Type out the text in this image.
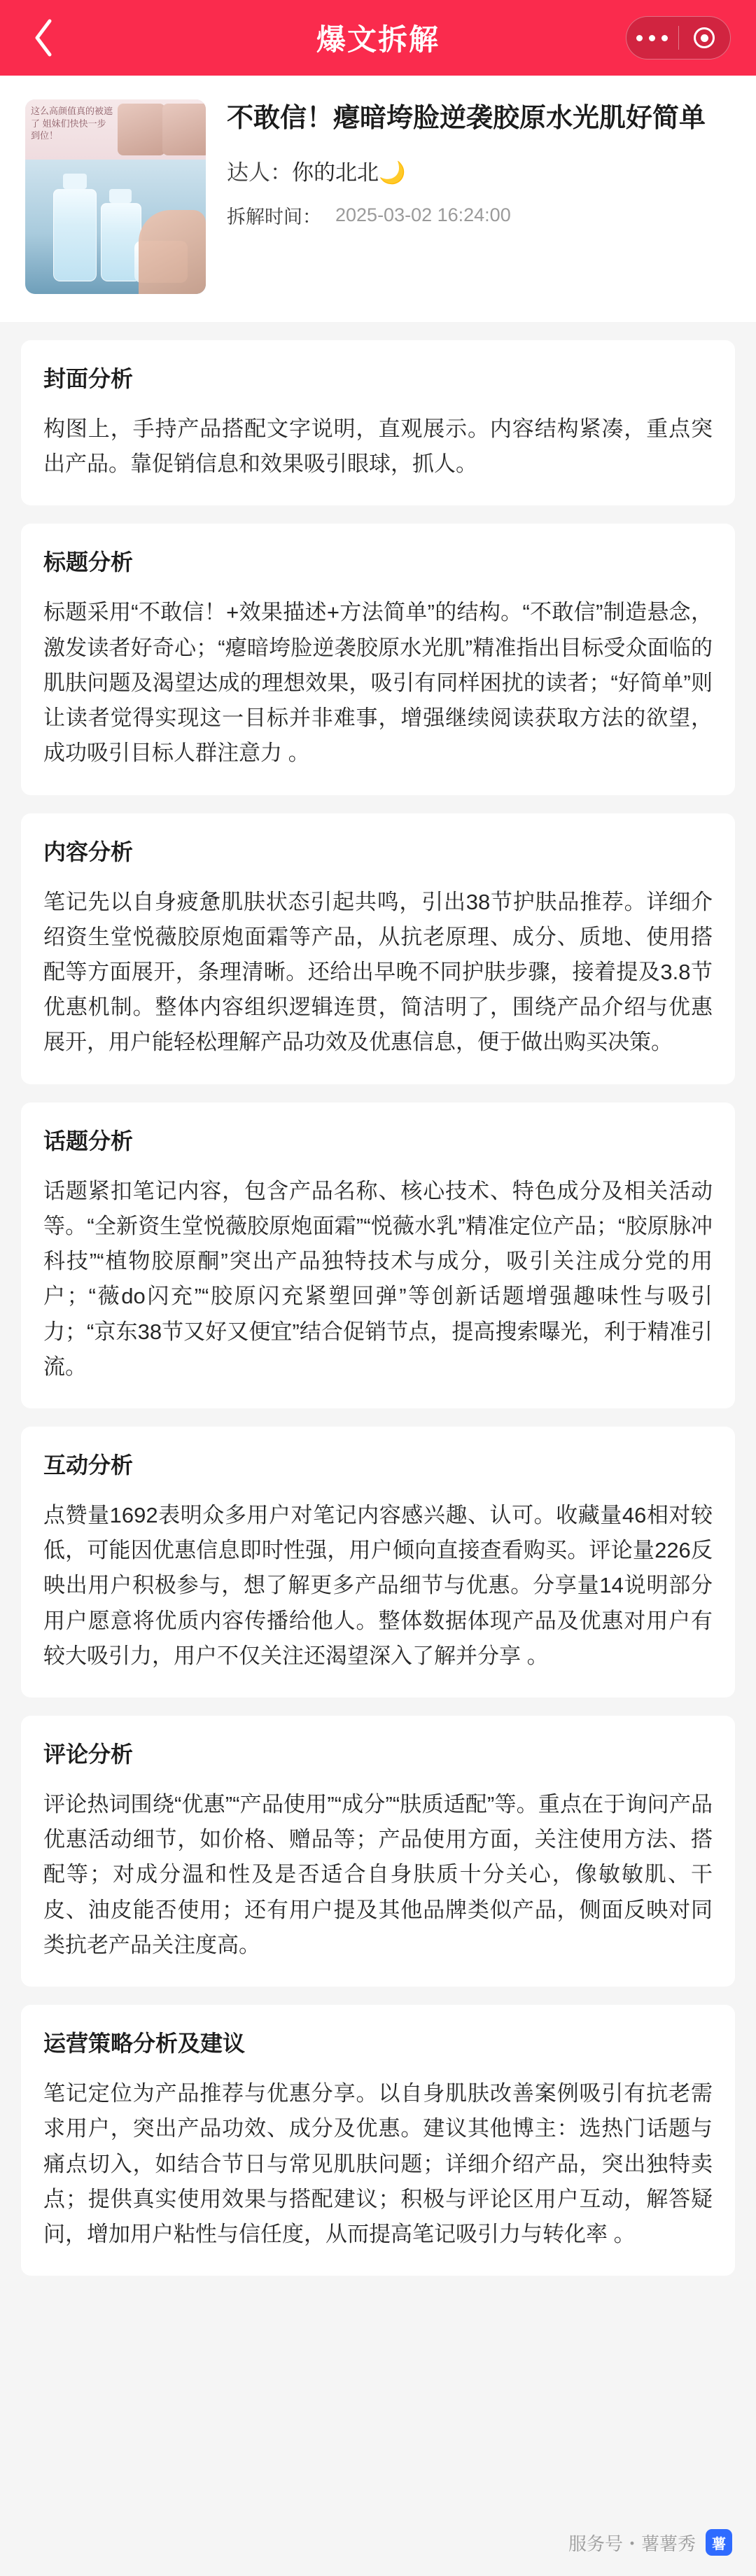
爆文拆解
这么高颜值真的被遮了 姐妹们快快一步到位！
不敢信！瘪暗垮脸逆袭胶原水光肌好简单
达人： 你的北北🌙
拆解时间： 2025-03-02 16:24:00
封面分析
构图上，手持产品搭配文字说明，直观展示。内容结构紧凑，重点突出产品。靠促销信息和效果吸引眼球，抓人。
标题分析
标题采用“不敢信！+效果描述+方法简单”的结构。“不敢信”制造悬念，激发读者好奇心；“瘪暗垮脸逆袭胶原水光肌”精准指出目标受众面临的肌肤问题及渴望达成的理想效果，吸引有同样困扰的读者；“好简单”则让读者觉得实现这一目标并非难事，增强继续阅读获取方法的欲望，成功吸引目标人群注意力 。
内容分析
笔记先以自身疲惫肌肤状态引起共鸣，引出38节护肤品推荐。详细介绍资生堂悦薇胶原炮面霜等产品，从抗老原理、成分、质地、使用搭配等方面展开，条理清晰。还给出早晚不同护肤步骤，接着提及3.8节优惠机制。整体内容组织逻辑连贯，简洁明了，围绕产品介绍与优惠展开，用户能轻松理解产品功效及优惠信息，便于做出购买决策。
话题分析
话题紧扣笔记内容，包含产品名称、核心技术、特色成分及相关活动等。“全新资生堂悦薇胶原炮面霜”“悦薇水乳”精准定位产品；“胶原脉冲科技”“植物胶原酮”突出产品独特技术与成分，吸引关注成分党的用户；“薇do闪充”“胶原闪充紧塑回弹”等创新话题增强趣味性与吸引力；“京东38节又好又便宜”结合促销节点，提高搜索曝光，利于精准引流。
互动分析
点赞量1692表明众多用户对笔记内容感兴趣、认可。收藏量46相对较低，可能因优惠信息即时性强，用户倾向直接查看购买。评论量226反映出用户积极参与，想了解更多产品细节与优惠。分享量14说明部分用户愿意将优质内容传播给他人。整体数据体现产品及优惠对用户有较大吸引力，用户不仅关注还渴望深入了解并分享 。
评论分析
评论热词围绕“优惠”“产品使用”“成分”“肤质适配”等。重点在于询问产品优惠活动细节，如价格、赠品等；产品使用方面，关注使用方法、搭配等；对成分温和性及是否适合自身肤质十分关心，像敏敏肌、干皮、油皮能否使用；还有用户提及其他品牌类似产品，侧面反映对同类抗老产品关注度高。
运营策略分析及建议
笔记定位为产品推荐与优惠分享。以自身肌肤改善案例吸引有抗老需求用户，突出产品功效、成分及优惠。建议其他博主：选热门话题与痛点切入，如结合节日与常见肌肤问题；详细介绍产品，突出独特卖点；提供真实使用效果与搭配建议；积极与评论区用户互动，解答疑问，增加用户粘性与信任度，从而提高笔记吸引力与转化率 。
服务号・薯薯秀	薯
